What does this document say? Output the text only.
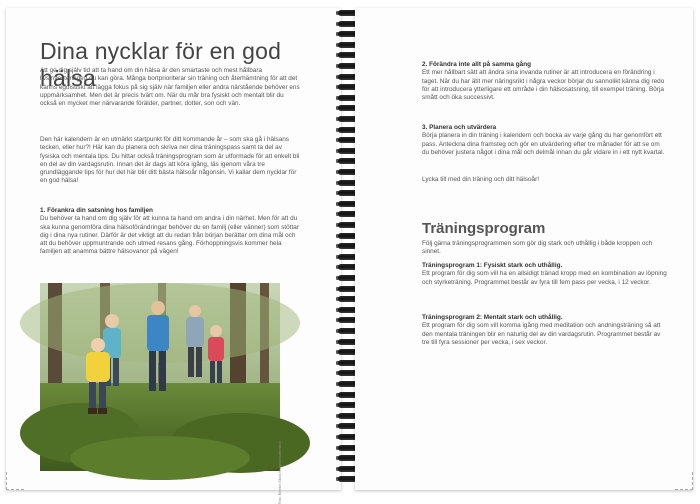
Dina nycklar för en god hälsa

Att ge dig själv tid att ta hand om din hälsa är den smartaste och mest hållbara livsinvesteringen du kan göra. Många bortprioriterar sin träning och återhämtning för att det känns egoistiskt att lägga fokus på sig själv när familjen eller andra närstående behöver ens uppmärksamhet. Men det är precis tvärt om. När du mår bra fysiskt och mentalt blir du också en mycket mer närvarande förälder, partner, dotter, son och vän.

Den här kalendern är en utmärkt startpunkt för ditt kommande år – som ska gå i hälsans tecken, eller hur?! Här kan du planera och skriva ner dina träningspass samt ta del av fysiska och mentala tips. Du hittar också träningsprogram som är utformade för att enkelt bli en del av din vardagsrutin. Innan det är dags att köra igång, läs igenom våra tre grundläggande tips för hur det här blir ditt bästa hälsoår någonsin. Vi kallar dem nycklar för en god hälsa!

1. Förankra din satsning hos familjen
Du behöver ta hand om dig själv för att kunna ta hand om andra i din närhet. Men för att du ska kunna genomföra dina hälsoförändringar behöver du en familj (eller vänner) som stöttar dig i dina nya rutiner. Därför är det viktigt att du redan från början berättar om dina mål och att du behöver uppmuntrande och utmed resans gång. Förhoppningsvis kommer hela familjen att anamma bättre hälsovanor på vägen!
Foto: Bomkin Stock Images/Shutterstock
2. Förändra inte allt på samma gång
Ett mer hållbart sätt att ändra sina invanda rutiner är att introducera en förändring i taget. När du har ätit mer näringsrikt i några veckor börjar du sannolikt känna dig redo för att introducera ytterligare ett område i din hälsosatsning, till exempel träning. Börja smått och öka successivt.
3. Planera och utvärdera
Börja planera in din träning i kalendern och bocka av varje gång du har genomfört ett pass. Anteckna dina framsteg och gör en utvärdering efter tre månader för att se om du behöver justera något i dina mål och delmål innan du går vidare in i ett nytt kvartal.

Lycka till med din träning och ditt hälsoår!

Träningsprogram

Följ gärna träningsprogrammen som gör dig stark och uthållig i både kroppen och sinnet.

Träningsprogram 1: Fysiskt stark och uthållig.
Ett program för dig som vill ha en allsidigt tränad kropp med en kombination av löpning och styrketräning. Programmet består av fyra till fem pass per vecka, i 12 veckor.
Träningsprogram 2: Mentalt stark och uthållig.
Ett program för dig som vill komma igång med meditation och andningsträning så att den mentala träningen blir en naturlig del av din vardagsrutin. Programmet består av tre till fyra sessioner per vecka, i sex veckor.
